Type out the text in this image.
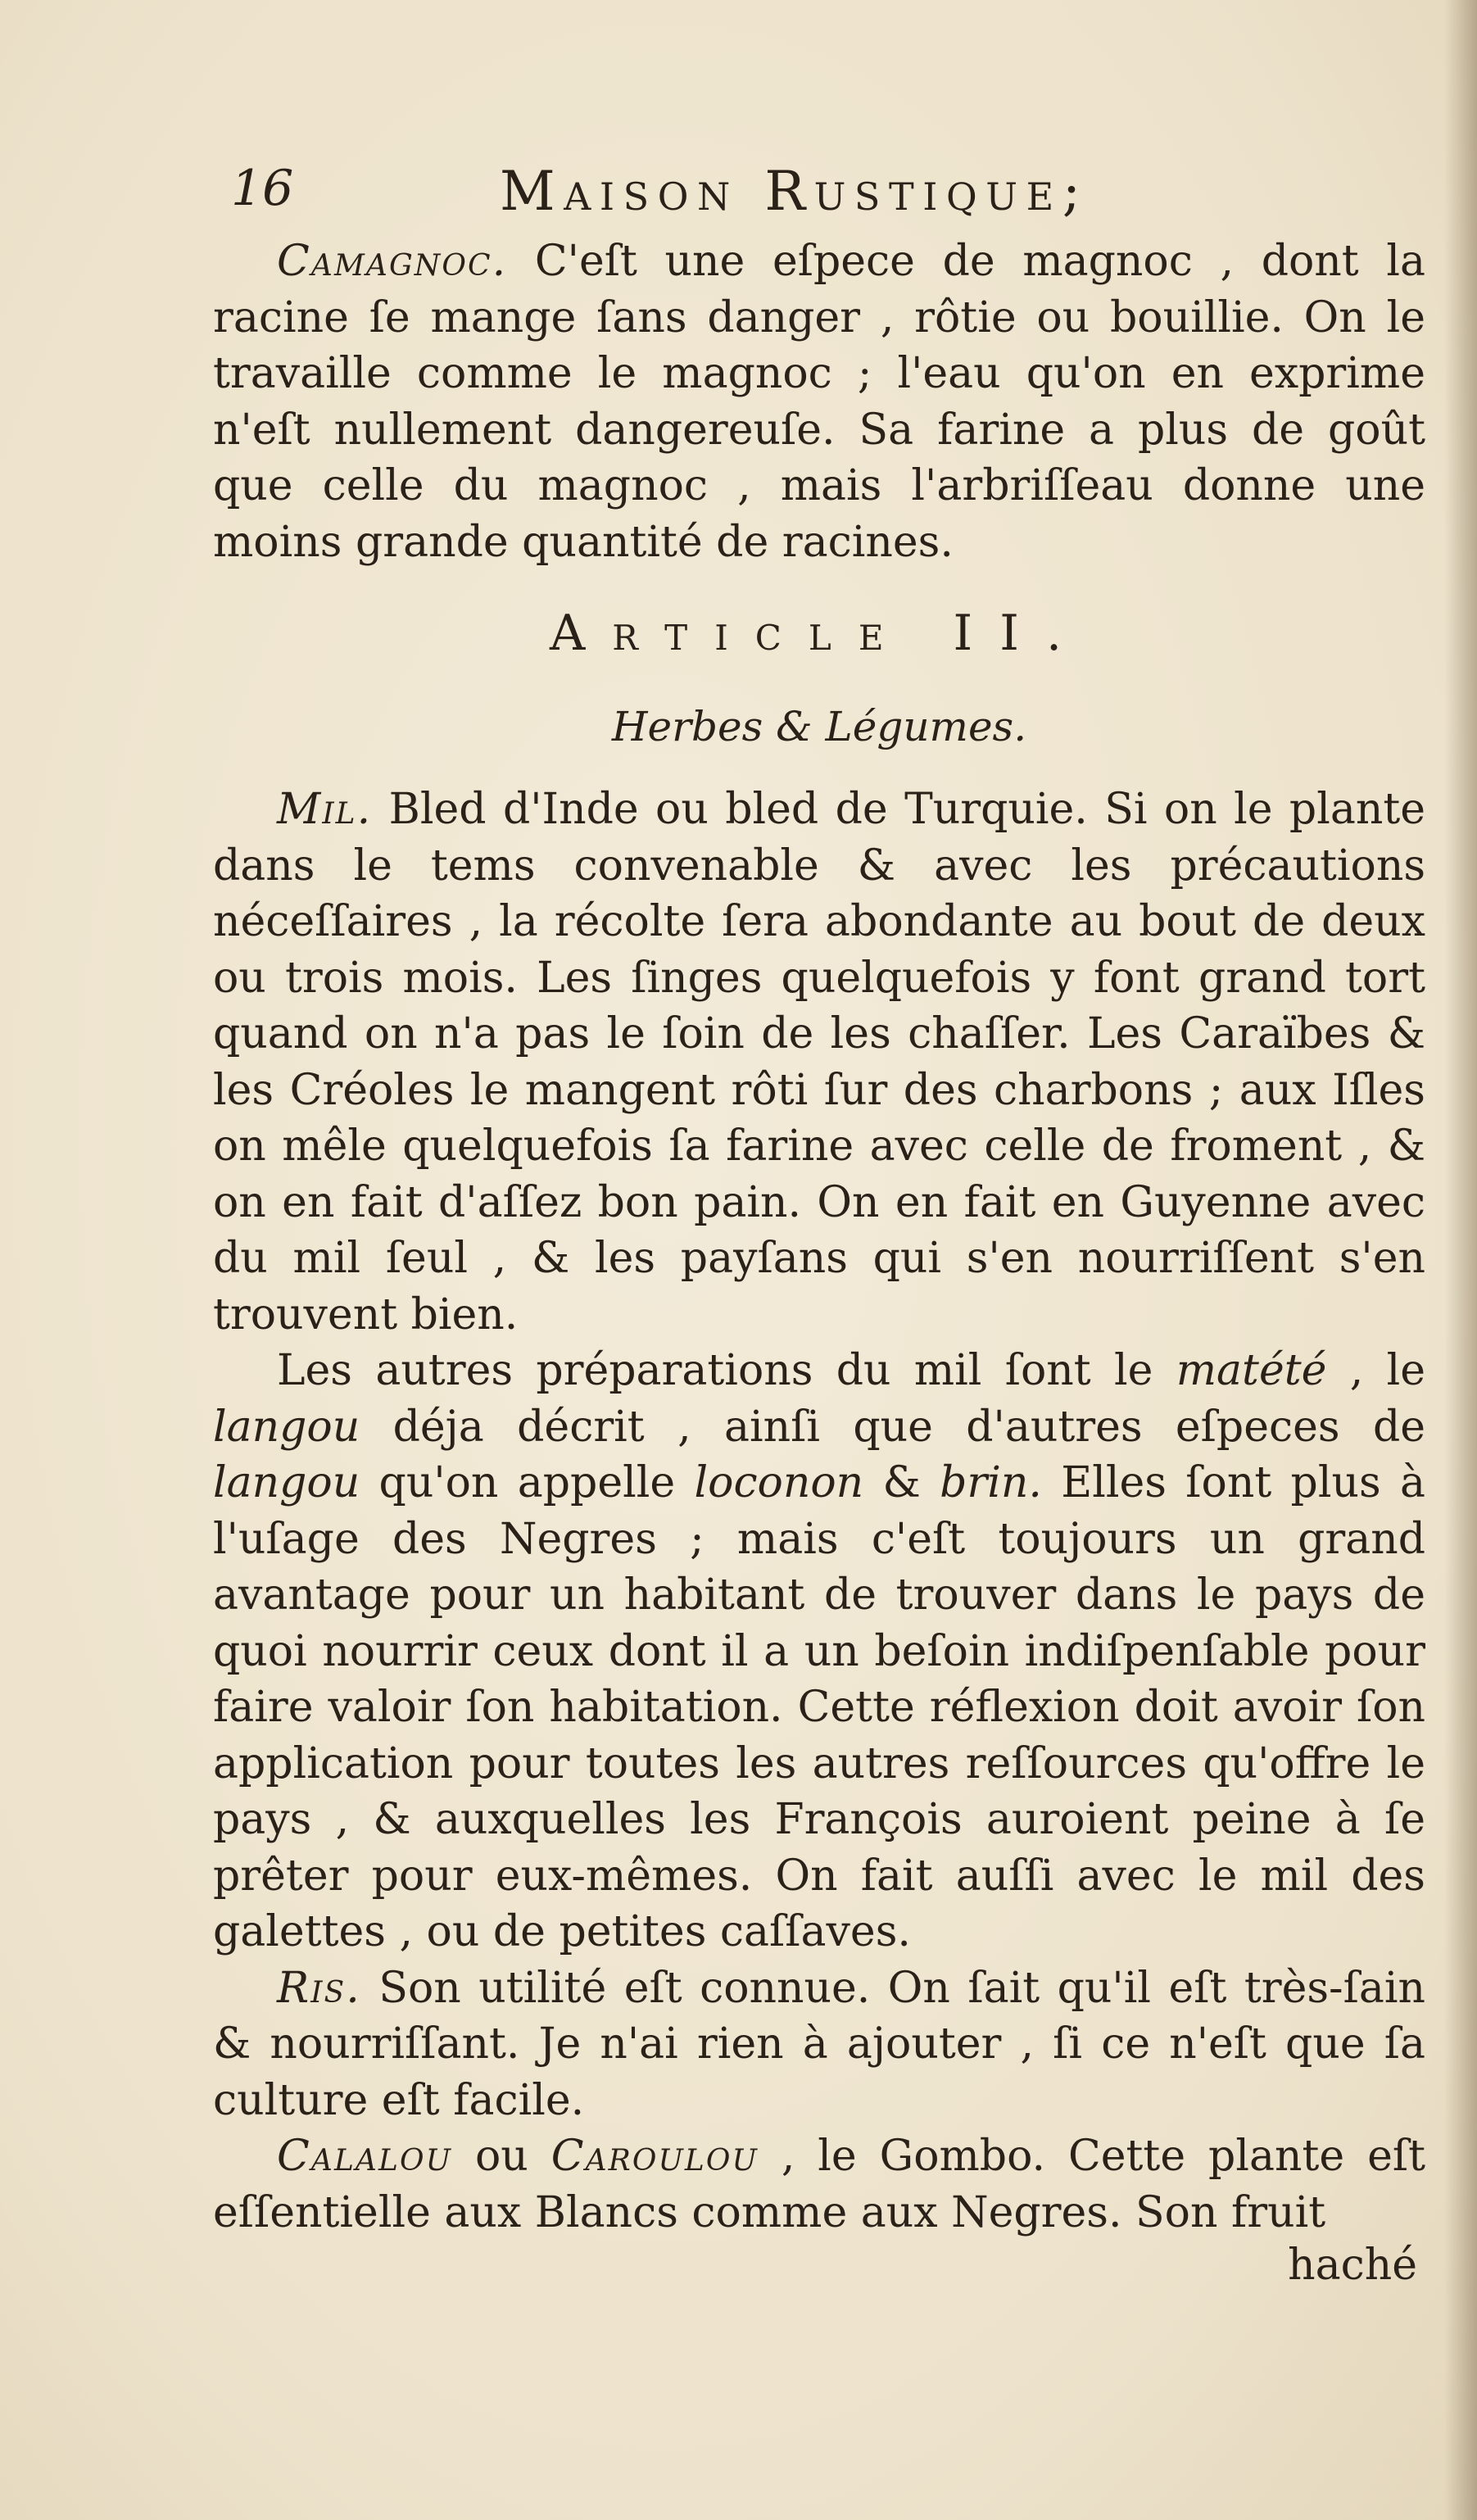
16	Maison Rustique;

Camagnoc. C'eſt une eſpece de magnoc , dont la racine ſe mange ſans danger , rôtie ou bouillie. On le travaille comme le magnoc ; l'eau qu'on en exprime n'eſt nullement dangereuſe. Sa farine a plus de goût que celle du magnoc , mais l'arbriſſeau donne une moins grande quantité de racines.

Article II.
Herbes & Légumes.

Mil. Bled d'Inde ou bled de Turquie. Si on le plante dans le tems convenable & avec les précautions néceſſaires , la récolte ſera abondante au bout de deux ou trois mois. Les ſinges quelquefois y font grand tort quand on n'a pas le ſoin de les chaſſer. Les Caraïbes & les Créoles le mangent rôti ſur des charbons ; aux Iſles on mêle quelquefois ſa farine avec celle de froment , & on en fait d'aſſez bon pain. On en fait en Guyenne avec du mil ſeul , & les payſans qui s'en nourriſſent s'en trouvent bien.

Les autres préparations du mil ſont le matété , le langou déja décrit , ainſi que d'autres eſpeces de langou qu'on appelle loconon & brin. Elles ſont plus à l'uſage des Negres ; mais c'eſt toujours un grand avantage pour un habitant de trouver dans le pays de quoi nourrir ceux dont il a un beſoin indiſpenſable pour faire valoir ſon habitation. Cette réflexion doit avoir ſon application pour toutes les autres reſſources qu'offre le pays , & auxquelles les François auroient peine à ſe prêter pour eux-mêmes. On fait auſſi avec le mil des galettes , ou de petites caſſaves.

Ris. Son utilité eſt connue. On ſait qu'il eſt très-ſain & nourriſſant. Je n'ai rien à ajouter , ſi ce n'eſt que ſa culture eſt facile.

Calalou ou Caroulou , le Gombo. Cette plante eſt eſſentielle aux Blancs comme aux Negres. Son fruit

haché
